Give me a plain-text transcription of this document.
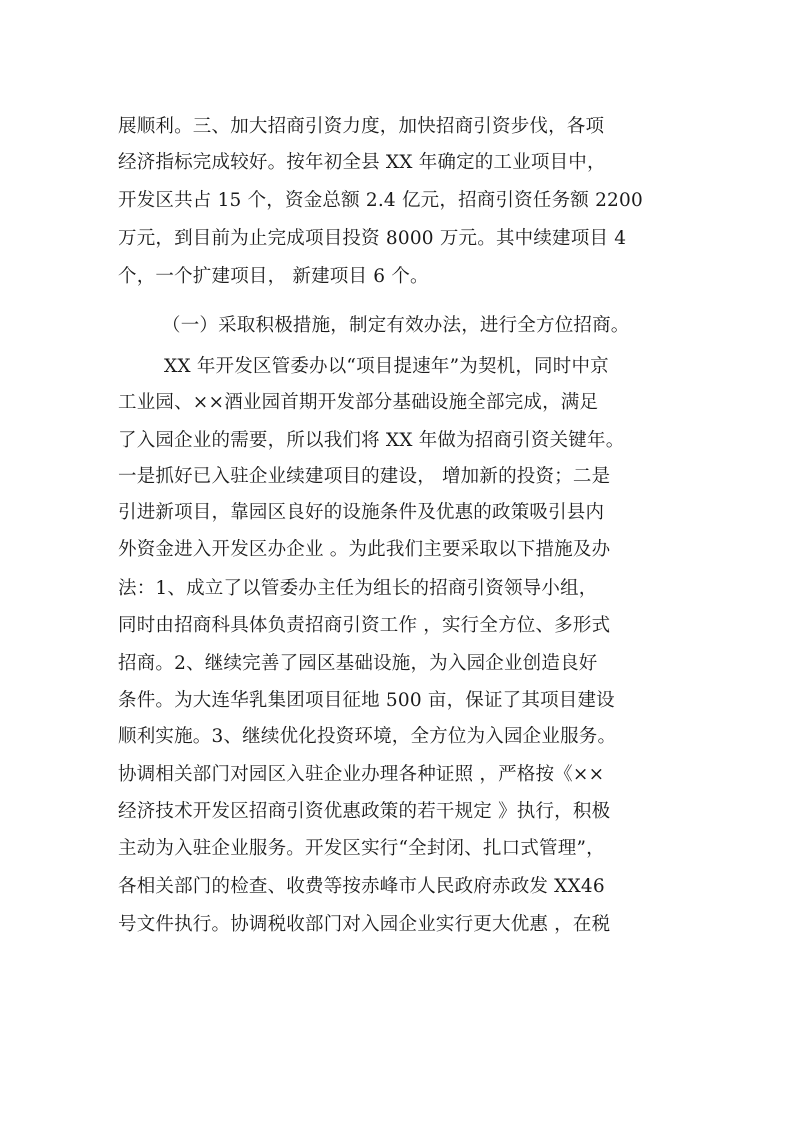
展顺利。三、加大招商引资力度，加快招商引资步伐，各项
经济指标完成较好。按年初全县 XX 年确定的工业项目中，
开发区共占 15 个，资金总额 2.4 亿元，招商引资任务额 2200
万元，到目前为止完成项目投资 8000 万元。其中续建项目 4
个，一个扩建项目， 新建项目 6 个。
（一）采取积极措施，制定有效办法，进行全方位招商。
XX 年开发区管委办以“项目提速年”为契机，同时中京
工业园、××酒业园首期开发部分基础设施全部完成，满足
了入园企业的需要，所以我们将 XX 年做为招商引资关键年。
一是抓好已入驻企业续建项目的建设， 增加新的投资；二是
引进新项目，靠园区良好的设施条件及优惠的政策吸引县内
外资金进入开发区办企业 。为此我们主要采取以下措施及办
法：1、成立了以管委办主任为组长的招商引资领导小组，
同时由招商科具体负责招商引资工作 ，实行全方位、多形式
招商。2、继续完善了园区基础设施，为入园企业创造良好
条件。为大连华乳集团项目征地 500 亩，保证了其项目建设
顺利实施。3、继续优化投资环境，全方位为入园企业服务。
协调相关部门对园区入驻企业办理各种证照 ，严格按《××
经济技术开发区招商引资优惠政策的若干规定 》执行，积极
主动为入驻企业服务。开发区实行“全封闭、扎口式管理”，
各相关部门的检查、收费等按赤峰市人民政府赤政发 XX46
号文件执行。协调税收部门对入园企业实行更大优惠 ，在税
